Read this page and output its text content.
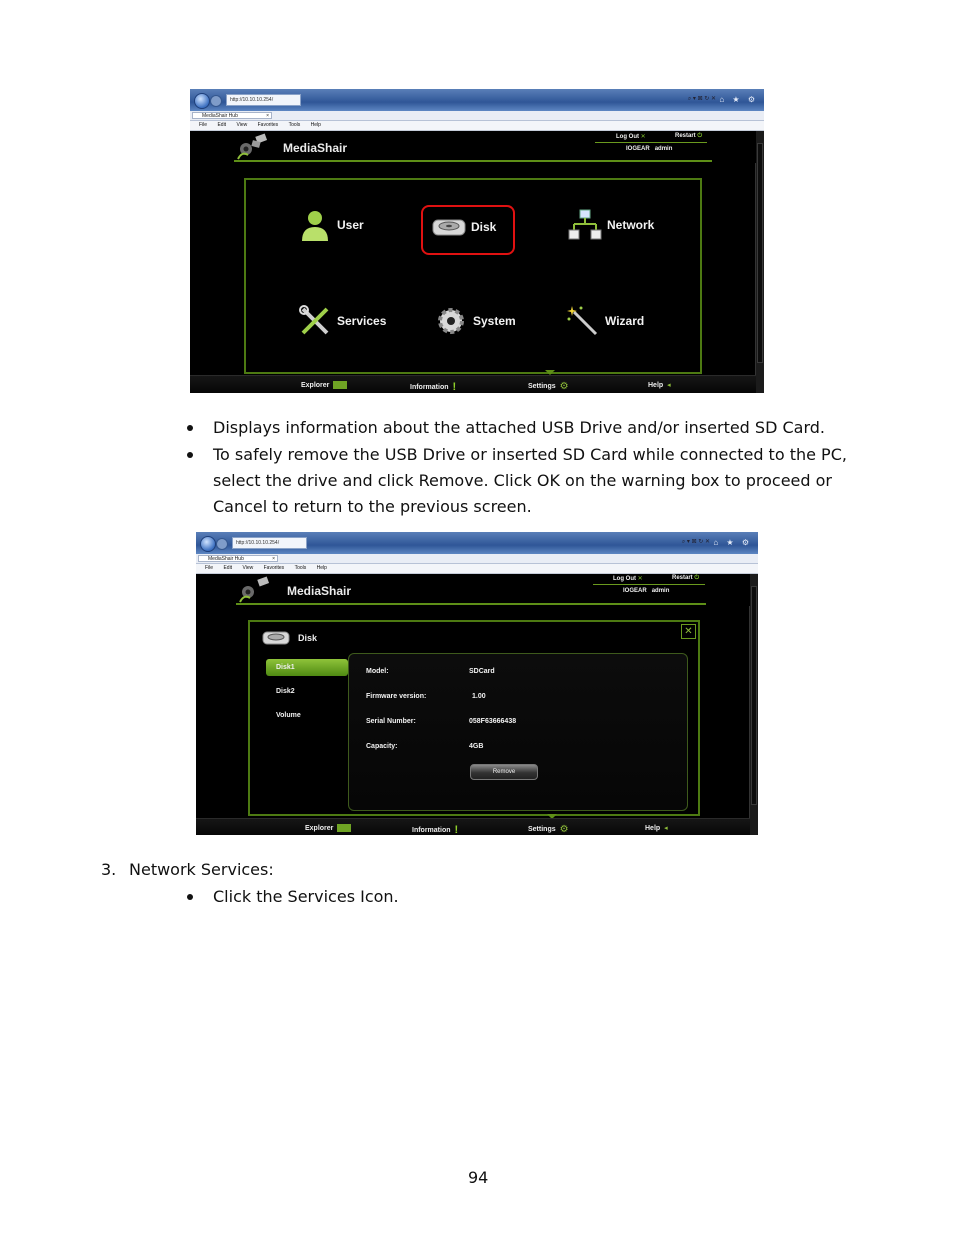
http://10.10.10.254/	⌕ ▾ ⊠ ↻ ✕ ⌂ ★ ⚙
MediaShair Hub	×
File Edit View Favorites Tools Help
MediaShair
Log Out ✕	Restart ⏻
IOGEAR admin
User	Disk	Network
Services	System	Wizard
Explorer	Information !	Settings ⚙	Help ◂
Displays information about the attached USB Drive and/or inserted SD Card.
To safely remove the USB Drive or inserted SD Card while connected to the PC,
select the drive and click Remove. Click OK on the warning box to proceed or
Cancel to return to the previous screen.
http://10.10.10.254/	⌕ ▾ ⊠ ↻ ✕ ⌂ ★ ⚙
MediaShair Hub	×
File Edit View Favorites Tools Help
MediaShair
Log Out ✕	Restart ⏻
IOGEAR admin
Disk
✕
Disk1
Disk2
Volume
Model:	SDCard
Firmware version:	1.00
Serial Number:	058F63666438
Capacity:	4GB
Remove
Explorer	Information !	Settings ⚙	Help ◂
3. Network Services:
Click the Services Icon.
94
